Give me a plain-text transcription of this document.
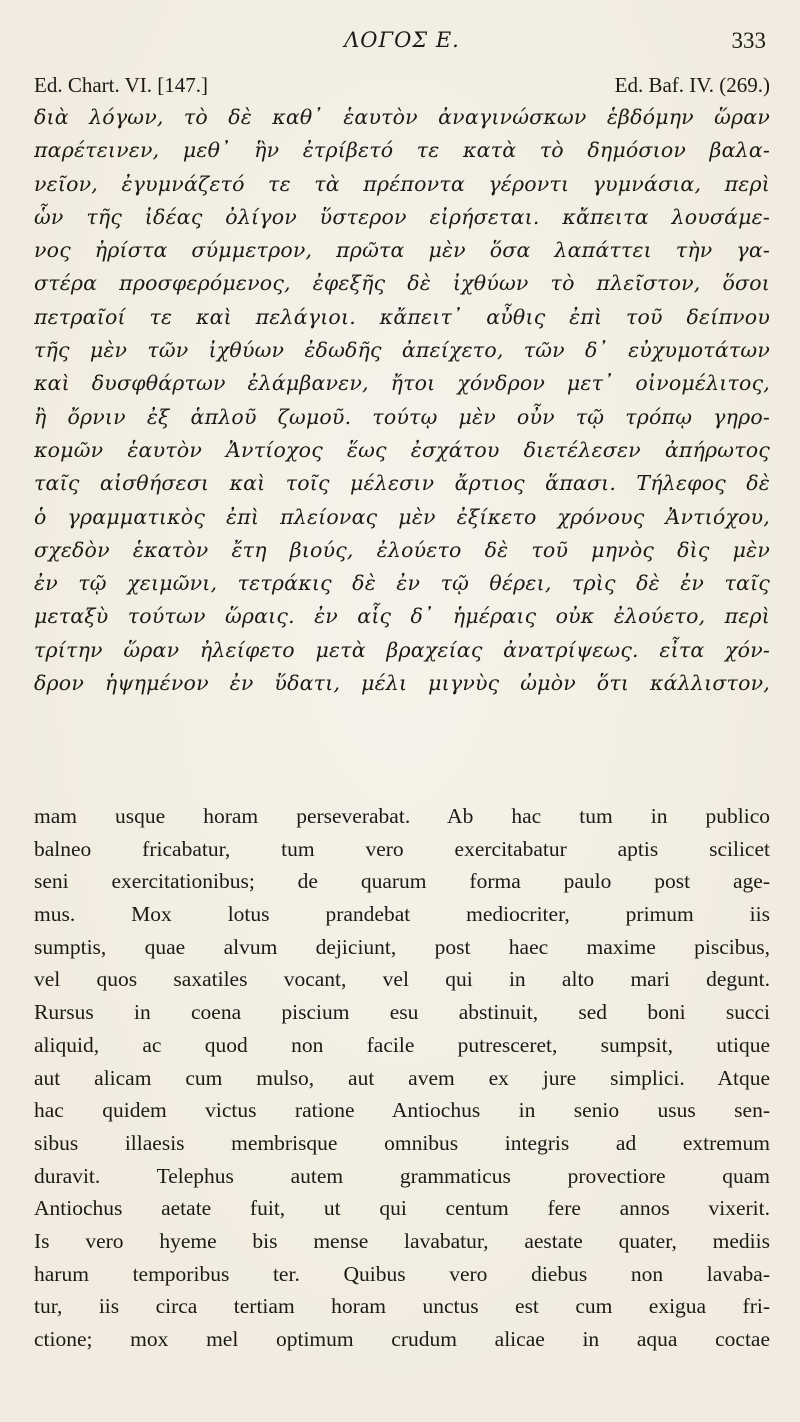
ΛΟΓΟΣ Ε.	333
Ed. Chart. VI. [147.]	Ed. Baf. IV. (269.)
διὰ λόγων, τὸ δὲ καθ᾽ ἑαυτὸν ἀναγινώσκων ἑβδόμην ὥραν
παρέτεινεν, μεθ᾽ ἣν ἐτρίβετό τε κατὰ τὸ δημόσιον βαλα-
νεῖον, ἐγυμνάζετό τε τὰ πρέποντα γέροντι γυμνάσια, περὶ
ὧν τῆς ἰδέας ὀλίγον ὕστερον εἰρήσεται. κἄπειτα λουσάμε-
νος ἠρίστα σύμμετρον, πρῶτα μὲν ὅσα λαπάττει τὴν γα-
στέρα προσφερόμενος, ἐφεξῆς δὲ ἰχθύων τὸ πλεῖστον, ὅσοι
πετραῖοί τε καὶ πελάγιοι. κἄπειτ᾽ αὖθις ἐπὶ τοῦ δείπνου
τῆς μὲν τῶν ἰχθύων ἐδωδῆς ἀπείχετο, τῶν δ᾽ εὐχυμοτάτων
καὶ δυσφθάρτων ἐλάμβανεν, ἤτοι χόνδρον μετ᾽ οἰνομέλιτος,
ἢ ὄρνιν ἐξ ἁπλοῦ ζωμοῦ. τούτῳ μὲν οὖν τῷ τρόπῳ γηρο-
κομῶν ἑαυτὸν Ἀντίοχος ἕως ἐσχάτου διετέλεσεν ἀπήρωτος
ταῖς αἰσθήσεσι καὶ τοῖς μέλεσιν ἄρτιος ἅπασι. Τήλεφος δὲ
ὁ γραμματικὸς ἐπὶ πλείονας μὲν ἐξίκετο χρόνους Ἀντιόχου,
σχεδὸν ἑκατὸν ἔτη βιούς, ἐλούετο δὲ τοῦ μηνὸς δὶς μὲν
ἐν τῷ χειμῶνι, τετράκις δὲ ἐν τῷ θέρει, τρὶς δὲ ἐν ταῖς
μεταξὺ τούτων ὥραις. ἐν αἷς δ᾽ ἡμέραις οὐκ ἐλούετο, περὶ
τρίτην ὥραν ἠλείφετο μετὰ βραχείας ἀνατρίψεως. εἶτα χόν-
δρον ἡψημένον ἐν ὕδατι, μέλι μιγνὺς ὠμὸν ὅτι κάλλιστον,
mam usque horam perseverabat. Ab hac tum in publico
balneo fricabatur, tum vero exercitabatur aptis scilicet
seni exercitationibus; de quarum forma paulo post age-
mus. Mox lotus prandebat mediocriter, primum iis
sumptis, quae alvum dejiciunt, post haec maxime piscibus,
vel quos saxatiles vocant, vel qui in alto mari degunt.
Rursus in coena piscium esu abstinuit, sed boni succi
aliquid, ac quod non facile putresceret, sumpsit, utique
aut alicam cum mulso, aut avem ex jure simplici. Atque
hac quidem victus ratione Antiochus in senio usus sen-
sibus illaesis membrisque omnibus integris ad extremum
duravit. Telephus autem grammaticus provectiore quam
Antiochus aetate fuit, ut qui centum fere annos vixerit.
Is vero hyeme bis mense lavabatur, aestate quater, mediis
harum temporibus ter. Quibus vero diebus non lavaba-
tur, iis circa tertiam horam unctus est cum exigua fri-
ctione; mox mel optimum crudum alicae in aqua coctae
